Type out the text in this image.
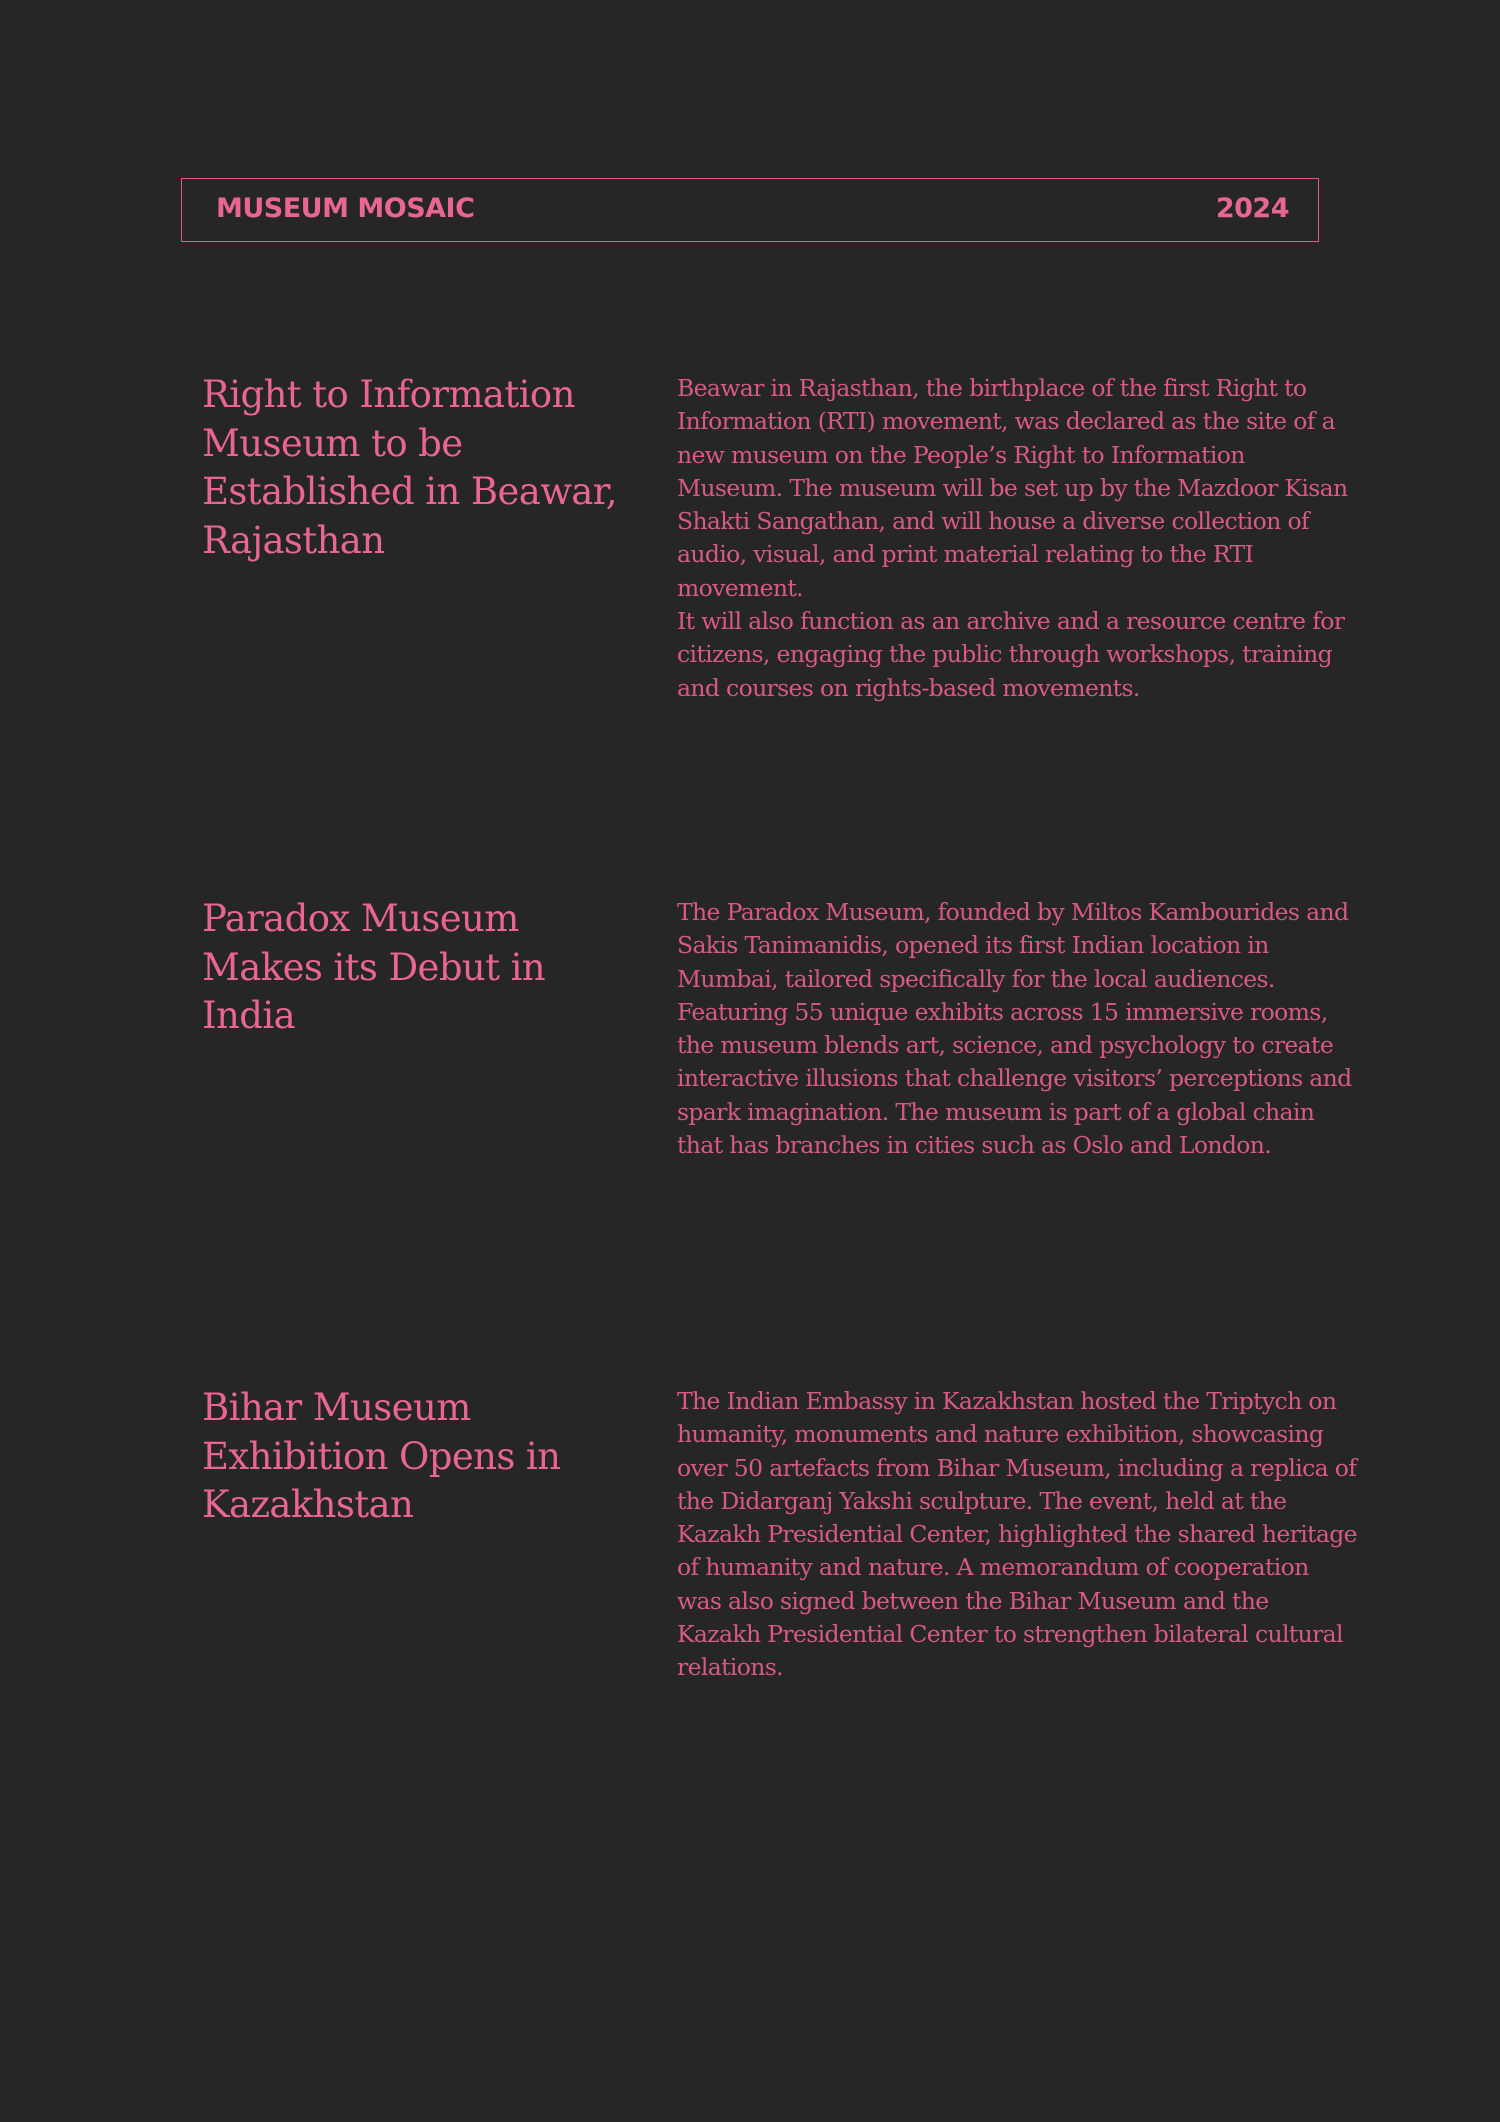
MUSEUM MOSAIC	2024
Right to Information Museum to be Established in Beawar, Rajasthan

Beawar in Rajasthan, the birthplace of the first Right to Information (RTI) movement, was declared as the site of a new museum on the People’s Right to Information Museum. The museum will be set up by the Mazdoor Kisan Shakti Sangathan, and will house a diverse collection of audio, visual, and print material relating to the RTI movement.

It will also function as an archive and a resource centre for citizens, engaging the public through workshops, training and courses on rights-based movements.

Paradox Museum Makes its Debut in India

The Paradox Museum, founded by Miltos Kambourides and Sakis Tanimanidis, opened its first Indian location in Mumbai, tailored specifically for the local audiences. Featuring 55 unique exhibits across 15 immersive rooms, the museum blends art, science, and psychology to create interactive illusions that challenge visitors’ perceptions and spark imagination. The museum is part of a global chain that has branches in cities such as Oslo and London.

Bihar Museum Exhibition Opens in Kazakhstan

The Indian Embassy in Kazakhstan hosted the Triptych on humanity, monuments and nature exhibition, showcasing over 50 artefacts from Bihar Museum, including a replica of the Didarganj Yakshi sculpture. The event, held at the Kazakh Presidential Center, highlighted the shared heritage of humanity and nature. A memorandum of cooperation was also signed between the Bihar Museum and the Kazakh Presidential Center to strengthen bilateral cultural relations.
